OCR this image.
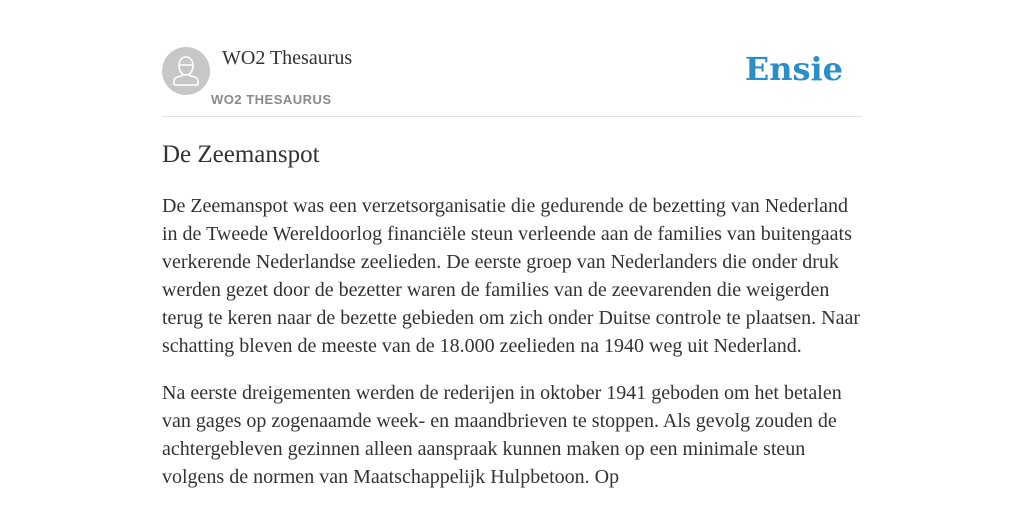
WO2 Thesaurus
WO2 THESAURUS
Ensie
De Zeemanspot

De Zeemanspot was een verzetsorganisatie die gedurende de bezetting van Nederland in de Tweede Wereldoorlog financiële steun verleende aan de families van buitengaats verkerende Nederlandse zeelieden. De eerste groep van Nederlanders die onder druk werden gezet door de bezetter waren de families van de zeevarenden die weigerden terug te keren naar de bezette gebieden om zich onder Duitse controle te plaatsen. Naar schatting bleven de meeste van de 18.000 zeelieden na 1940 weg uit Nederland.

Na eerste dreigementen werden de rederijen in oktober 1941 geboden om het betalen van gages op zogenaamde week- en maandbrieven te stoppen. Als gevolg zouden de achtergebleven gezinnen alleen aanspraak kunnen maken op een minimale steun volgens de normen van Maatschappelijk Hulpbetoon. Op
